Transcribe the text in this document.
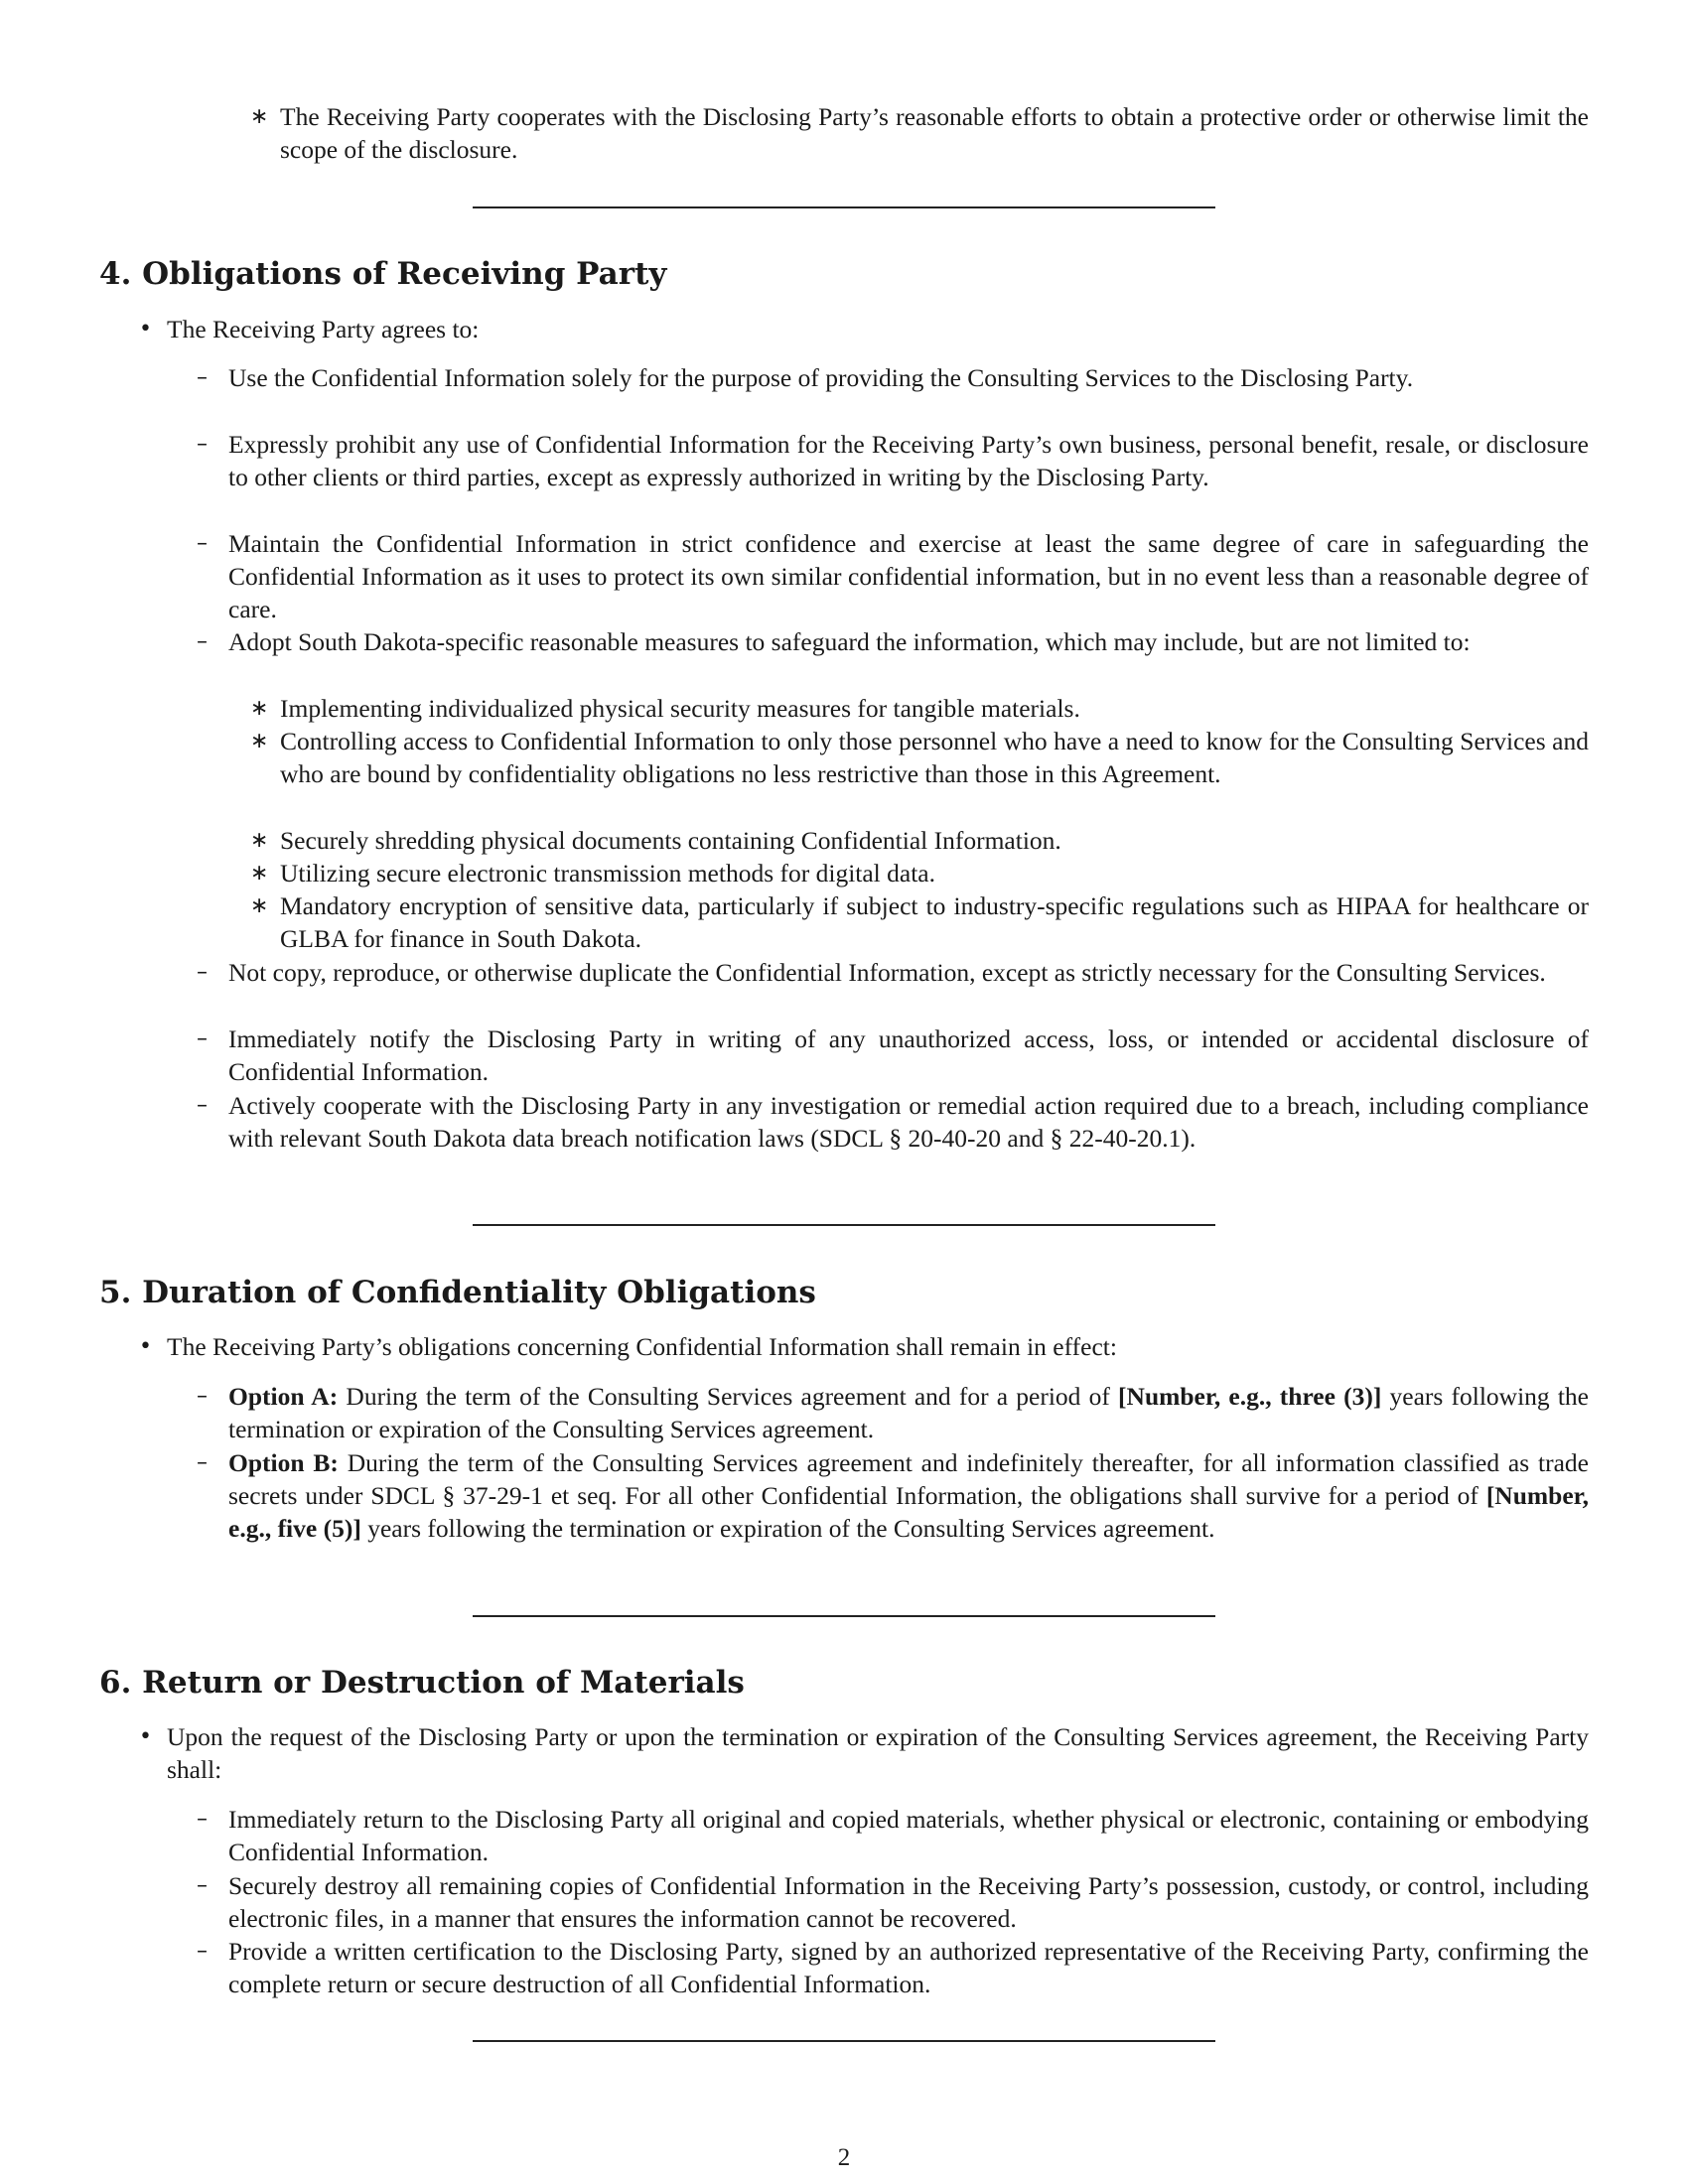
∗ The Receiving Party cooperates with the Disclosing Party’s reasonable efforts to obtain a protective order or otherwise limit the scope of the disclosure.
4. Obligations of Receiving Party
• The Receiving Party agrees to:
– Use the Confidential Information solely for the purpose of providing the Consulting Services to the Disclosing Party.
– Expressly prohibit any use of Confidential Information for the Receiving Party’s own business, personal benefit, resale, or disclosure to other clients or third parties, except as expressly authorized in writing by the Disclosing Party.
– Maintain the Confidential Information in strict confidence and exercise at least the same degree of care in safeguarding the Confidential Information as it uses to protect its own similar confidential information, but in no event less than a reasonable degree of care.
– Adopt South Dakota-specific reasonable measures to safeguard the information, which may include, but are not limited to:
∗ Implementing individualized physical security measures for tangible materials.
∗ Controlling access to Confidential Information to only those personnel who have a need to know for the Consulting Services and who are bound by confidentiality obligations no less restrictive than those in this Agreement.
∗ Securely shredding physical documents containing Confidential Information.
∗ Utilizing secure electronic transmission methods for digital data.
∗ Mandatory encryption of sensitive data, particularly if subject to industry-specific regulations such as HIPAA for healthcare or GLBA for finance in South Dakota.
– Not copy, reproduce, or otherwise duplicate the Confidential Information, except as strictly necessary for the Consulting Services.
– Immediately notify the Disclosing Party in writing of any unauthorized access, loss, or intended or accidental disclosure of Confidential Information.
– Actively cooperate with the Disclosing Party in any investigation or remedial action required due to a breach, including compliance with relevant South Dakota data breach notification laws (SDCL § 20-40-20 and § 22-40-20.1).
5. Duration of Confidentiality Obligations
• The Receiving Party’s obligations concerning Confidential Information shall remain in effect:
– Option A: During the term of the Consulting Services agreement and for a period of [Number, e.g., three (3)] years following the termination or expiration of the Consulting Services agreement.
– Option B: During the term of the Consulting Services agreement and indefinitely thereafter, for all information classified as trade secrets under SDCL § 37-29-1 et seq. For all other Confidential Information, the obligations shall survive for a period of [Number, e.g., five (5)] years following the termination or expiration of the Consulting Services agreement.
6. Return or Destruction of Materials
• Upon the request of the Disclosing Party or upon the termination or expiration of the Consulting Services agreement, the Receiving Party shall:
– Immediately return to the Disclosing Party all original and copied materials, whether physical or electronic, containing or embodying Confidential Information.
– Securely destroy all remaining copies of Confidential Information in the Receiving Party’s possession, custody, or control, including electronic files, in a manner that ensures the information cannot be recovered.
– Provide a written certification to the Disclosing Party, signed by an authorized representative of the Receiving Party, confirming the complete return or secure destruction of all Confidential Information.
2
